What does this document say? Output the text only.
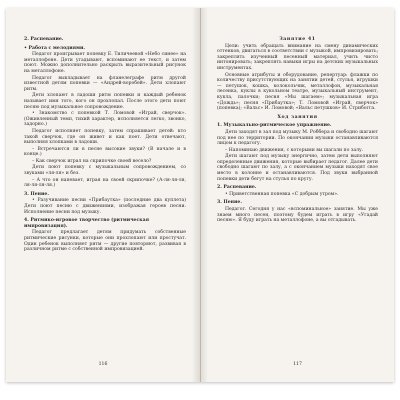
2. Распевание.
• Работа с мелодиями.
Педагог проигрывает попевку Е. Тиличеевой «Небо синее» на металлофоне. Дети угадывают, вспоминают ее текст, и затем поют. Можно дополнительно раскрыть выразительный рисунок на металлофоне.
Педагог выкладывает на фланелеграфе ритм другой известной детям попевки — «Андрей-воробей». Дети хлопают ритм.
Дети хлопают в ладоши ритм попевки и каждый ребенок называет имя того, кого он прохлопал. После этого дети поют песню под музыкальное сопровождение.
• Знакомство с попевкой Т. Ломовой «Играй, сверчок». (Оживленный темп, тихий характер, исполняется легко, звонко, задорно.)
Педагог исполняет попевку, затем спрашивает детей: кто такой сверчок, где он живет и как поет. Дети отвечают, выполняя хлопками в ладоши.
– Встречаются ли в песне высокие звуки? (В начале и в конце.)
– Как сверчок играл на скрипочке своей весело?
Дети поют попевку с музыкальным сопровождением, со звуками «ля-ля» и без.
– А что он напевает, играя на своей скрипочке? (А-ля-ля-ля, ля-ля-ля-ля.)
3. Пение.
• Разучивание песни «Прибаутка» (последние два куплета) Дети поют песню с движениями, изображая героев песни. Исполнение песни под музыку.
4. Ритмико-игровое творчество (ритмическая импровизация).
Педагог предлагает детям придумать собственные ритмические рисунки, которые они прохлопают или простучат. Один ребенок выполняет ритм — другие повторяют, развивая в различном ритме с собственной импровизацией.
116
Занятие 41
Цели: учить обращать внимание на смену динамических оттенков, двигаться в соответствии с музыкой, импровизировать; закреплять изученный песенный материал, учить чисто интонировать; закреплять навыки игры на детских музыкальных инструментах.
Основные атрибуты и оборудование, репертуар: флажки по количеству присутствующих на занятии детей, стулья, игрушки — петушок, кошка, колокольчик, металлофон, музыкальная лесенка, куклы в кукольном театре, музыкальный инструмент, кукла, палочки; песня «Мы шагаем»; музыкальная игра «Дождь»; песня «Прибаутка»; Т. Ломовой «Играй, сверчок» (попевка); «Вальс» И. Ломовой; «Вальс петушков» И. Стрибогга.
Ход занятия
1. Музыкально-ритмическое упражнение.
Дети заходят в зал под музыку М. Роббера и свободно шагают под нее по территории. По окончании музыки останавливаются лицом к педагогу.
– Напоминаю движения, с которыми вы шагали по залу.
Дети шагают под музыку энергично, затем дети выполняют определенные движения, которые выбирает педагог. Далее дети свободно шагают по залу, а с окончанием музыки находят свое место в колонне и останавливаются. Под звуки выбранной попевки дети бегут на стулья по кругу.
2. Распевание.
• Приветственная попевка «С добрым утром».
3. Пение.
Педагог. Сегодня у нас «вспоминальное» занятие. Мы уже знаем много песен, поэтому будем играть в игру «Угадай песню». Я буду играть на металлофоне, а вы отгадывать.
117
